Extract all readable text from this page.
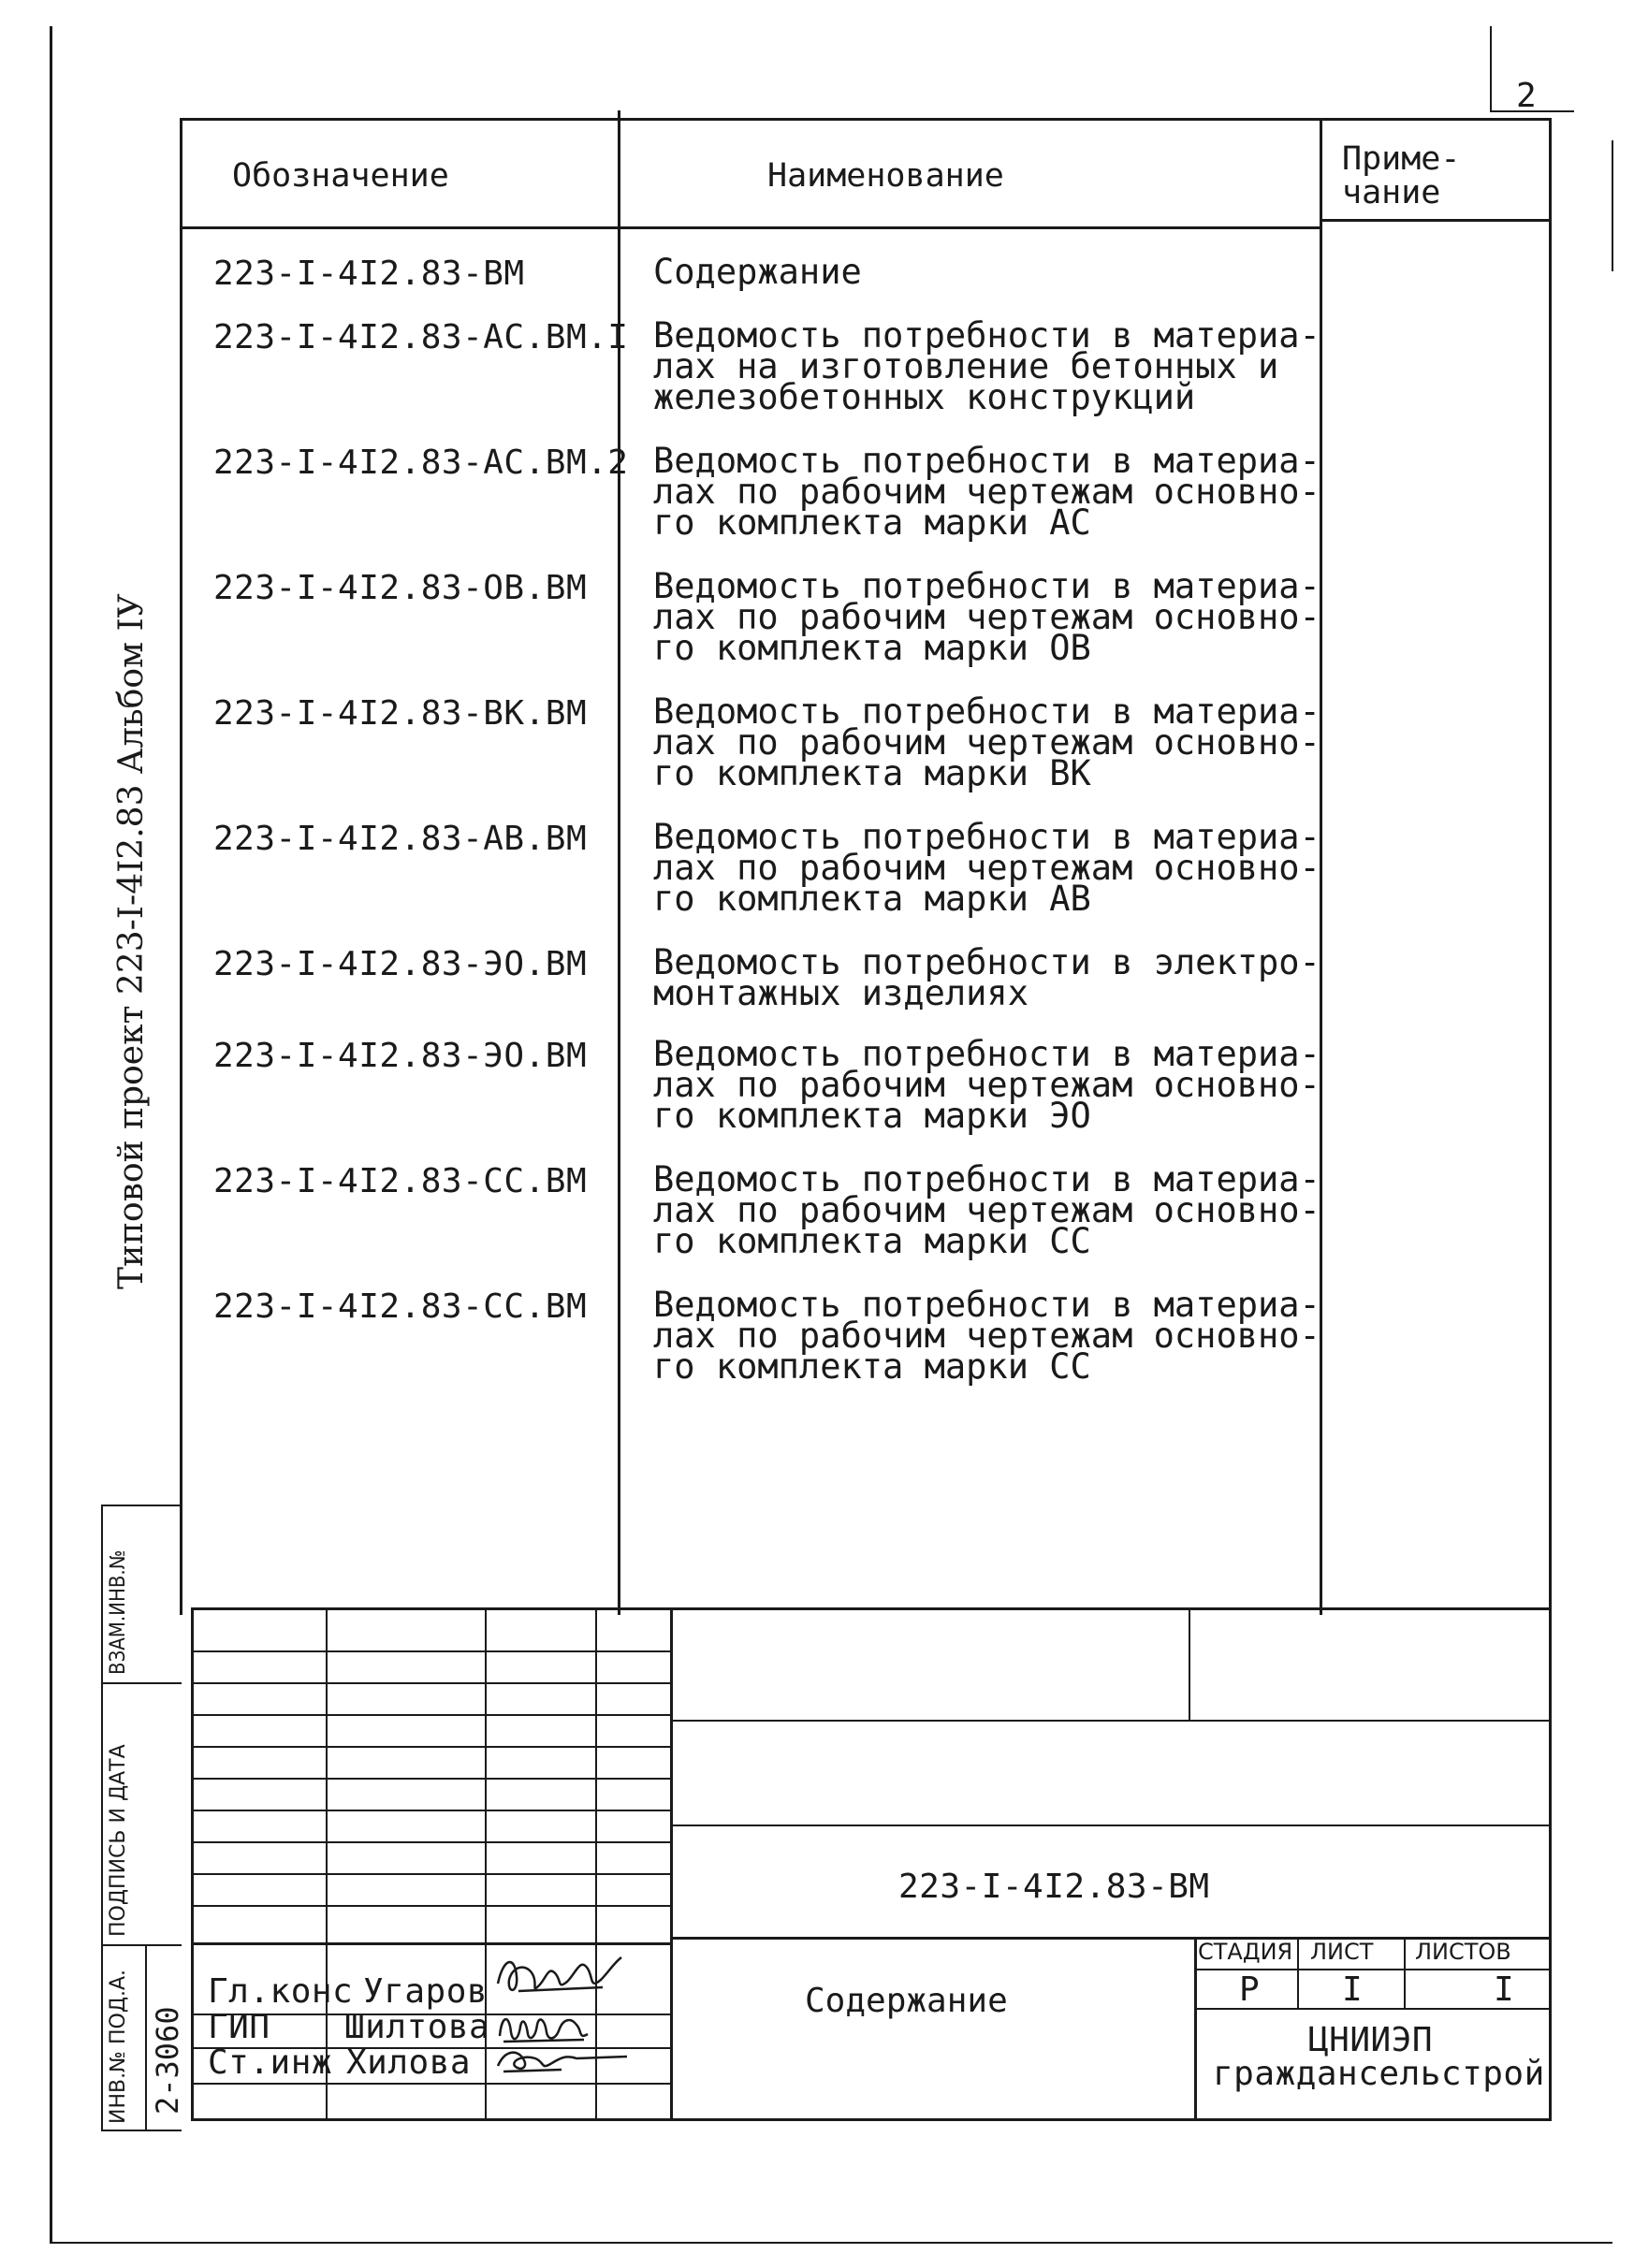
2
Обозначение	Наименование	Приме-
чание
223-I-4I2.83-ВМ	Содержание
223-I-4I2.83-АС.ВМ.I Ведомость потребности в материа-
лах на изготовление бетонных и
железобетонных конструкций
223-I-4I2.83-АС.ВМ.2 Ведомость потребности в материа-
лах по рабочим чертежам основно-
го комплекта марки АС
223-I-4I2.83-ОВ.ВМ Ведомость потребности в материа-
лах по рабочим чертежам основно-
го комплекта марки ОВ
223-I-4I2.83-ВК.ВМ Ведомость потребности в материа-
лах по рабочим чертежам основно-
го комплекта марки ВК
223-I-4I2.83-АВ.ВМ Ведомость потребности в материа-
лах по рабочим чертежам основно-
го комплекта марки АВ
223-I-4I2.83-ЭО.ВМ Ведомость потребности в электро-
монтажных изделиях
223-I-4I2.83-ЭО.ВМ Ведомость потребности в материа-
лах по рабочим чертежам основно-
го комплекта марки ЭО
223-I-4I2.83-СС.ВМ Ведомость потребности в материа-
лах по рабочим чертежам основно-
го комплекта марки СС
223-I-4I2.83-СС.ВМ Ведомость потребности в материа-
лах по рабочим чертежам основно-
го комплекта марки СС
Типовой проект 223-I-4I2.83 Альбом IУ
ВЗАМ.ИНВ.№
ПОДПИСЬ И ДАТА
ИНВ.№ ПОД.А. 2-3060
223-I-4I2.83-ВМ
Содержание
СТАДИЯ ЛИСТ ЛИСТОВ
Р I	I
ЦНИИЭП
граждансельстрой
Гл.конс Угаров
ГИП Шилтова
Ст.инж Хилова
